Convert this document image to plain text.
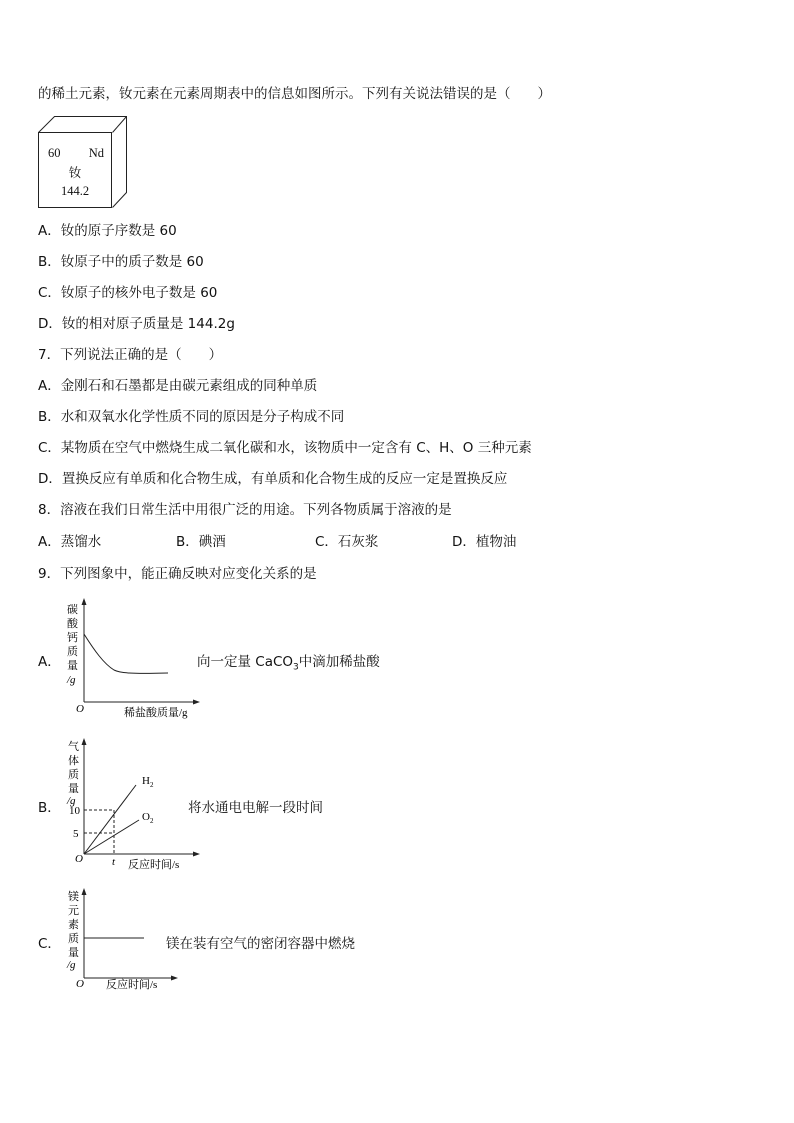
的稀土元素，钕元素在元素周期表中的信息如图所示。下列有关说法错误的是（　　）
60 Nd
钕
144.2
A．钕的原子序数是 60
B．钕原子中的质子数是 60
C．钕原子的核外电子数是 60
D．钕的相对原子质量是 144.2g
7．下列说法正确的是（　　）
A．金刚石和石墨都是由碳元素组成的同种单质
B．水和双氧水化学性质不同的原因是分子构成不同
C．某物质在空气中燃烧生成二氧化碳和水，该物质中一定含有 C、H、O 三种元素
D．置换反应有单质和化合物生成，有单质和化合物生成的反应一定是置换反应
8．溶液在我们日常生活中用很广泛的用途。下列各物质属于溶液的是
A．蒸馏水	B．碘酒	C．石灰浆	D．植物油
9．下列图象中，能正确反映对应变化关系的是
A．
O	稀盐酸质量/g
碳
酸
钙
质
量
/g
向一定量 CaCO$_3$中滴加稀盐酸
B．
O
10
5
t 反应时间/s
$H_2$
$O_2$
气
体
质
量
/g	将水通电电解一段时间
C．
O 反应时间/s
镁
元
素
质
量
/g
镁在装有空气的密闭容器中燃烧
